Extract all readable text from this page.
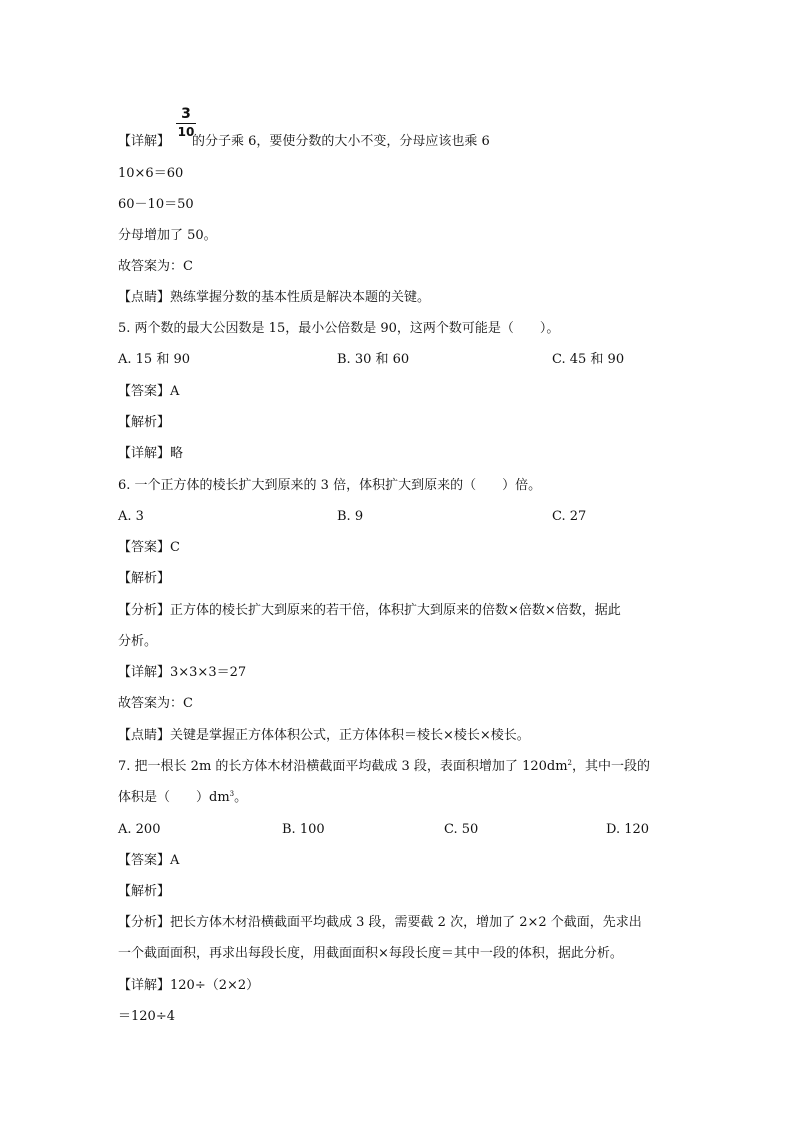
3
10
【详解】 的分子乘 6，要使分数的大小不变，分母应该也乘 6
10×6＝60
60－10＝50
分母增加了 50。
故答案为：C
【点睛】熟练掌握分数的基本性质是解决本题的关键。
5. 两个数的最大公因数是 15，最小公倍数是 90，这两个数可能是（　　）。
A. 15 和 90	B. 30 和 60	C. 45 和 90
【答案】A
【解析】
【详解】略
6. 一个正方体的棱长扩大到原来的 3 倍，体积扩大到原来的（　　）倍。
A. 3	B. 9	C. 27
【答案】C
【解析】
【分析】正方体的棱长扩大到原来的若干倍，体积扩大到原来的倍数×倍数×倍数，据此
分析。
【详解】3×3×3＝27
故答案为：C
【点睛】关键是掌握正方体体积公式，正方体体积＝棱长×棱长×棱长。
7. 把一根长 2m 的长方体木材沿横截面平均截成 3 段，表面积增加了 $120dm^2$，其中一段的
体积是（　　）$dm^3$。
A. 200	B. 100	C. 50	D. 120
【答案】A
【解析】
【分析】把长方体木材沿横截面平均截成 3 段，需要截 2 次，增加了 2×2 个截面，先求出
一个截面面积，再求出每段长度，用截面面积×每段长度＝其中一段的体积，据此分析。
【详解】120÷（2×2）
＝120÷4
